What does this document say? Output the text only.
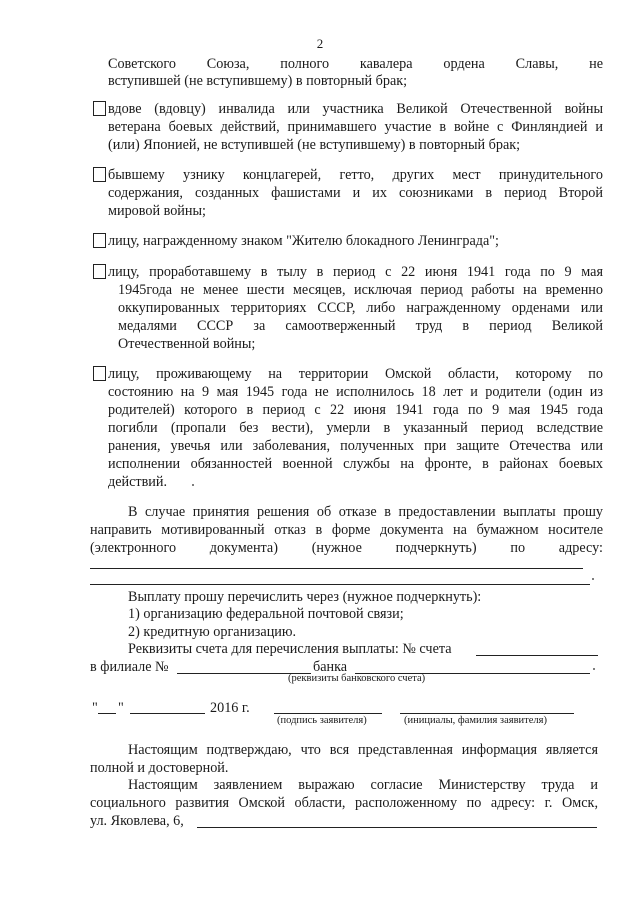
2
Советского Союза, полного кавалера ордена Славы, не
вступившей (не вступившему) в повторный брак;
вдове (вдовцу) инвалида или участника Великой Отечественной войны
ветерана боевых действий, принимавшего участие в войне с Финляндией и
(или) Японией, не вступившей (не вступившему) в повторный брак;
бывшему узнику концлагерей, гетто, других мест принудительного
содержания, созданных фашистами и их союзниками в период Второй
мировой войны;
лицу, награжденному знаком "Жителю блокадного Ленинграда";
лицу, проработавшему в тылу в период с 22 июня 1941 года по 9 мая
1945года не менее шести месяцев, исключая период работы на временно
оккупированных территориях СССР, либо награжденному орденами или
медалями СССР за самоотверженный труд в период Великой
Отечественной войны;
лицу, проживающему на территории Омской области, которому по
состоянию на 9 мая 1945 года не исполнилось 18 лет и родители (один из
родителей) которого в период с 22 июня 1941 года по 9 мая 1945 года
погибли (пропали без вести), умерли в указанный период вследствие
ранения, увечья или заболевания, полученных при защите Отечества или
исполнении обязанностей военной службы на фронте, в районах боевых
действий.
В случае принятия решения об отказе в предоставлении выплаты прошу
направить мотивированный отказ в форме документа на бумажном носителе
(электронного документа) (нужное подчеркнуть) по адресу:
Выплату прошу перечислить через (нужное подчеркнуть):
1) организацию федеральной почтовой связи;
2) кредитную организацию.
Реквизиты счета для перечисления выплаты: № счета
в филиале №	банка
(реквизиты банковского счета)
" "	2016 г.
(подпись заявителя)	(инициалы, фамилия заявителя)
Настоящим подтверждаю, что вся представленная информация является
полной и достоверной.
Настоящим заявлением выражаю согласие Министерству труда и
социального развития Омской области, расположенному по адресу: г. Омск,
ул. Яковлева, 6,
